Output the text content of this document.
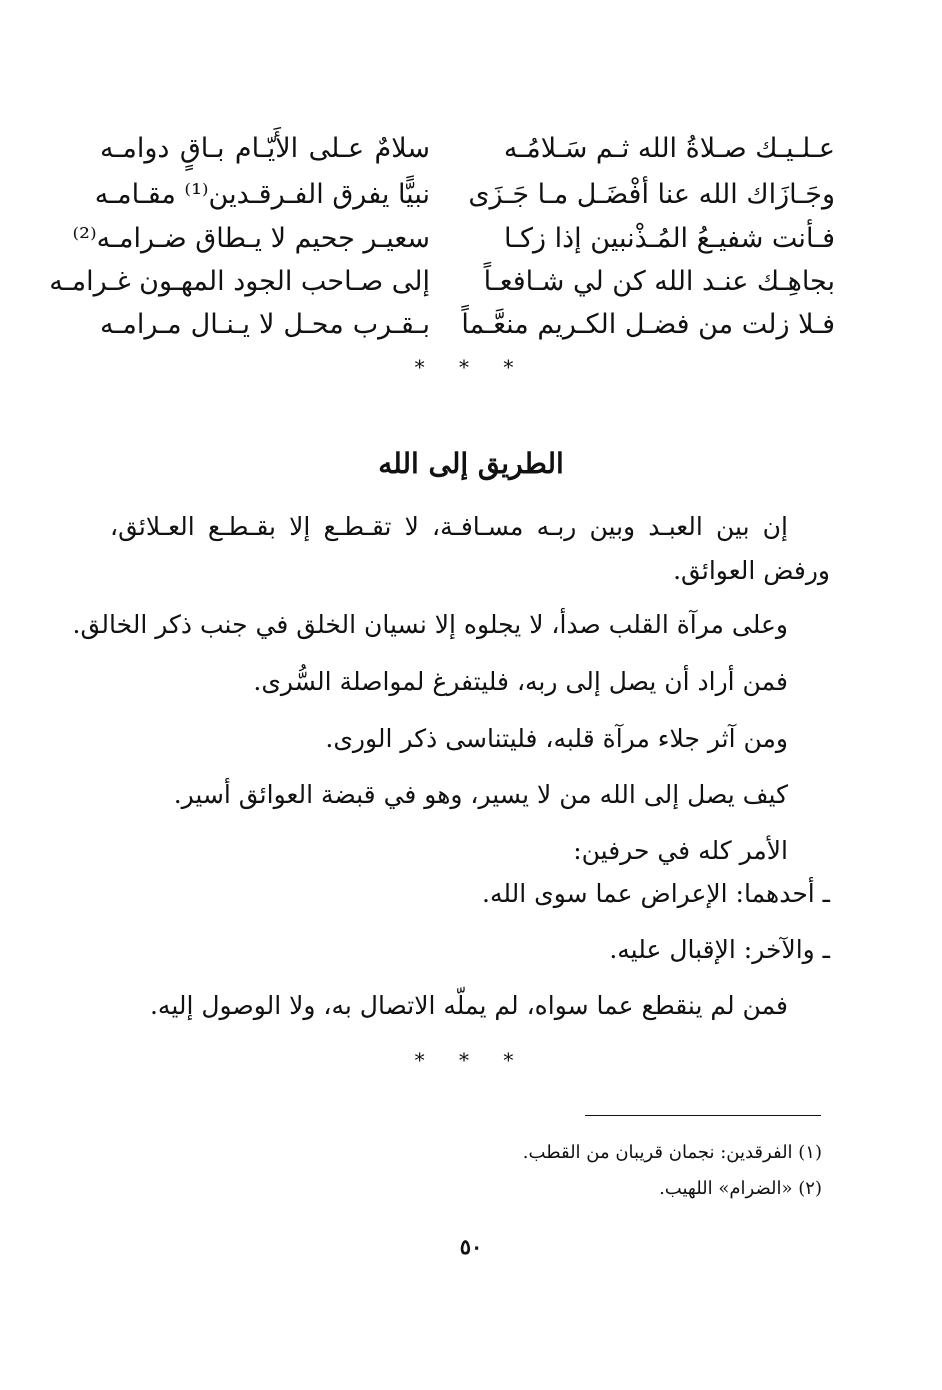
عـلـيـك صـلاةُ الله ثـم سَـلامُـه
سلامٌ عـلى الأَيّـام بـاقٍ دوامـه
وجَـازَاك الله عنا أفْضَـل مـا جَـزَى
نبيًّا يفرق الفـرقـدين⁽¹⁾ مقـامـه
فـأنت شفيـعُ المُـذْنبين إذا زكـا
سعيـر جحيم لا يـطاق ضـرامـه⁽²⁾
بجاهِـك عنـد الله كن لي شـافعـاً
إلى صـاحب الجود المهـون غـرامـه
فـلا زلت من فضـل الكـريم منعَّـماً
بـقـرب محـل لا يـنـال مـرامـه
* * *
الطريق إلى الله
إن بين العبـد وبين ربـه مسـافـة، لا تقـطـع إلا بقـطـع العـلائق، ورفض العوائق.
وعلى مرآة القلب صدأ، لا يجلوه إلا نسيان الخلق في جنب ذكر الخالق.
فمن أراد أن يصل إلى ربه، فليتفرغ لمواصلة السُّرى.
ومن آثر جلاء مرآة قلبه، فليتناسى ذكر الورى.
كيف يصل إلى الله من لا يسير، وهو في قبضة العوائق أسير.
الأمر كله في حرفين:
ـ أحدهما: الإعراض عما سوى الله.
ـ والآخر: الإقبال عليه.
فمن لم ينقطع عما سواه، لم يملّه الاتصال به، ولا الوصول إليه.
* * *
(١) الفرقدين: نجمان قريبان من القطب.
(٢) «الضرام» اللهيب.
٥٠
